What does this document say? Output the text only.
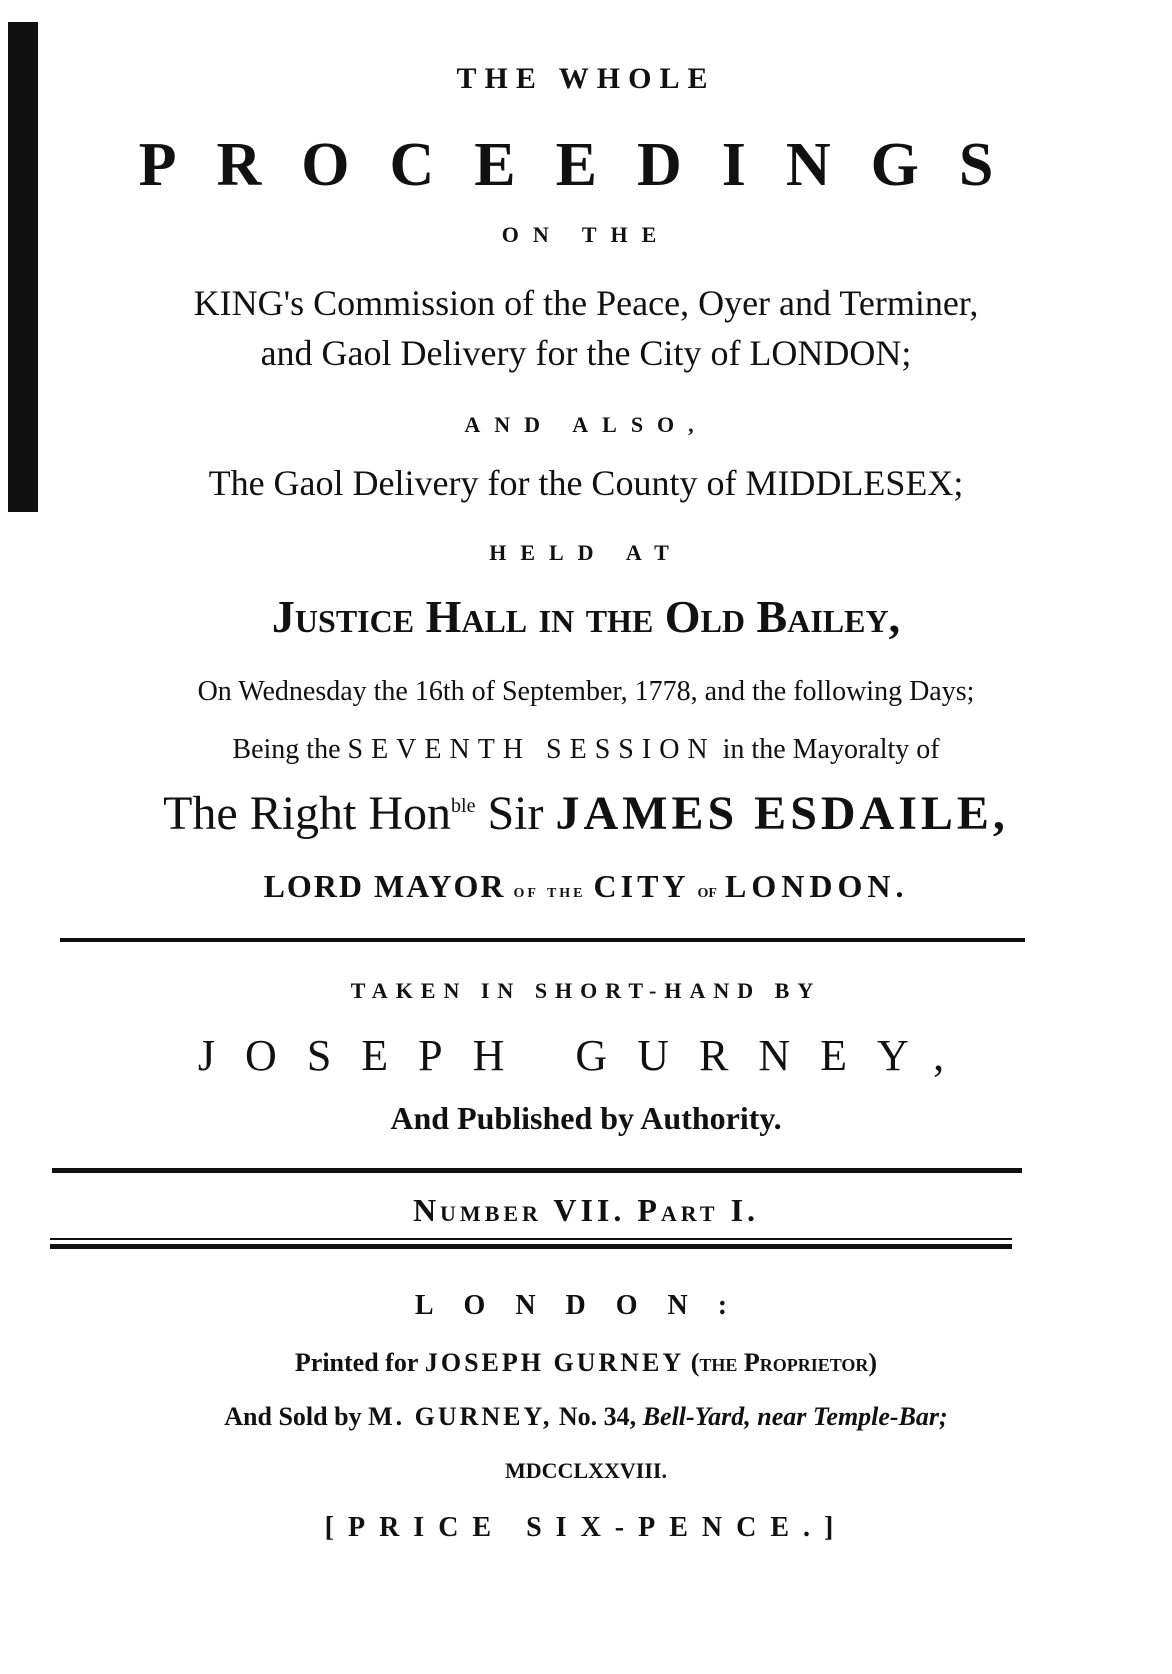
THE WHOLE
PROCEEDINGS
ON THE
KING's Commission of the Peace, Oyer and Terminer,
and Gaol Delivery for the City of LONDON;
AND ALSO,
The Gaol Delivery for the County of MIDDLESEX;
HELD AT
Justice Hall in the Old Bailey,
On Wednesday the 16th of September, 1778, and the following Days;
Being the SEVENTH SESSION in the Mayoralty of
The Right Hon$^{ble}$ Sir JAMES ESDAILE,
LORD MAYOR of the CITY of LONDON.
TAKEN IN SHORT-HAND BY
JOSEPH GURNEY,
And Published by Authority.
Number VII. Part I.
LONDON:
Printed for JOSEPH GURNEY (the Proprietor)
And Sold by M. GURNEY, No. 34, Bell-Yard, near Temple-Bar;
MDCCLXXVIII.
[PRICE SIX-PENCE.]
